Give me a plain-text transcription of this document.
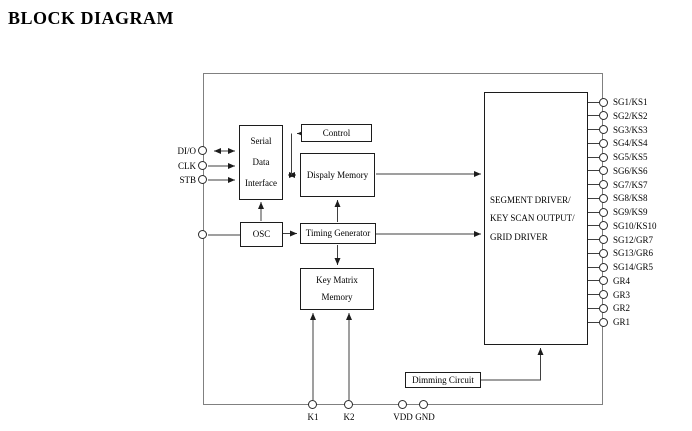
BLOCK DIAGRAM
Serial
Data
Interface
Control
Dispaly Memory
OSC	Timing Generator
Key Matrix
Memory
SEGMENT DRIVER/
KEY SCAN OUTPUT/
GRID DRIVER
Dimming Circuit
DI/O
CLK
STB
K1	K2	VDD GND
SG1/KS1
SG2/KS2
SG3/KS3
SG4/KS4
SG5/KS5
SG6/KS6
SG7/KS7
SG8/KS8
SG9/KS9
SG10/KS10
SG12/GR7
SG13/GR6
SG14/GR5
GR4
GR3
GR2
GR1
